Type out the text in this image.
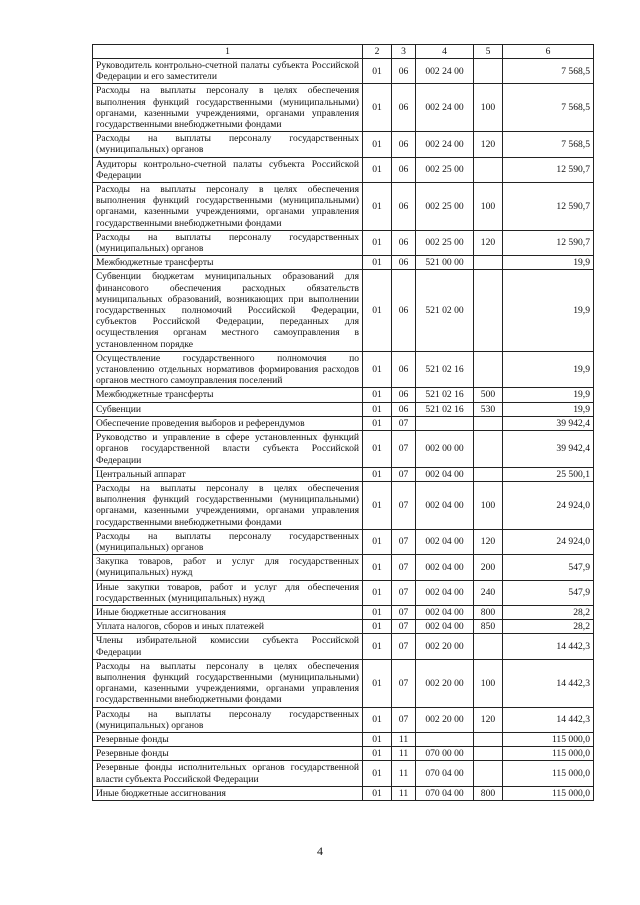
1	2	3	4	5	6
Руководитель контрольно-счетной палаты субъекта Российской Федерации и его заместители	01	06	002 24 00		7 568,5
Расходы на выплаты персоналу в целях обеспечения выполнения функций государственными (муниципальными) органами, казенными учреждениями, органами управления государственными внебюджетными фондами	01	06	002 24 00	100	7 568,5
Расходы на выплаты персоналу государственных (муниципальных) органов	01	06	002 24 00	120	7 568,5
Аудиторы контрольно-счетной палаты субъекта Российской Федерации	01	06	002 25 00		12 590,7
Расходы на выплаты персоналу в целях обеспечения выполнения функций государственными (муниципальными) органами, казенными учреждениями, органами управления государственными внебюджетными фондами	01	06	002 25 00	100	12 590,7
Расходы на выплаты персоналу государственных (муниципальных) органов	01	06	002 25 00	120	12 590,7
Межбюджетные трансферты	01	06	521 00 00		19,9
Субвенции бюджетам муниципальных образований для финансового обеспечения расходных обязательств муниципальных образований, возникающих при выполнении государственных полномочий Российской Федерации, субъектов Российской Федерации, переданных для осуществления органам местного самоуправления в установленном порядке	01	06	521 02 00		19,9
Осуществление государственного полномочия по установлению отдельных нормативов формирования расходов органов местного самоуправления поселений	01	06	521 02 16		19,9
Межбюджетные трансферты	01	06	521 02 16	500	19,9
Субвенции	01	06	521 02 16	530	19,9
Обеспечение проведения выборов и референдумов	01	07			39 942,4
Руководство и управление в сфере установленных функций органов государственной власти субъекта Российской Федерации	01	07	002 00 00		39 942,4
Центральный аппарат	01	07	002 04 00		25 500,1
Расходы на выплаты персоналу в целях обеспечения выполнения функций государственными (муниципальными) органами, казенными учреждениями, органами управления государственными внебюджетными фондами	01	07	002 04 00	100	24 924,0
Расходы на выплаты персоналу государственных (муниципальных) органов	01	07	002 04 00	120	24 924,0
Закупка товаров, работ и услуг для государственных (муниципальных) нужд	01	07	002 04 00	200	547,9
Иные закупки товаров, работ и услуг для обеспечения государственных (муниципальных) нужд	01	07	002 04 00	240	547,9
Иные бюджетные ассигнования	01	07	002 04 00	800	28,2
Уплата налогов, сборов и иных платежей	01	07	002 04 00	850	28,2
Члены избирательной комиссии субъекта Российской Федерации	01	07	002 20 00		14 442,3
Расходы на выплаты персоналу в целях обеспечения выполнения функций государственными (муниципальными) органами, казенными учреждениями, органами управления государственными внебюджетными фондами	01	07	002 20 00	100	14 442,3
Расходы на выплаты персоналу государственных (муниципальных) органов	01	07	002 20 00	120	14 442,3
Резервные фонды	01	11			115 000,0
Резервные фонды	01	11	070 00 00		115 000,0
Резервные фонды исполнительных органов государственной власти субъекта Российской Федерации	01	11	070 04 00		115 000,0
Иные бюджетные ассигнования	01	11	070 04 00	800	115 000,0
4
